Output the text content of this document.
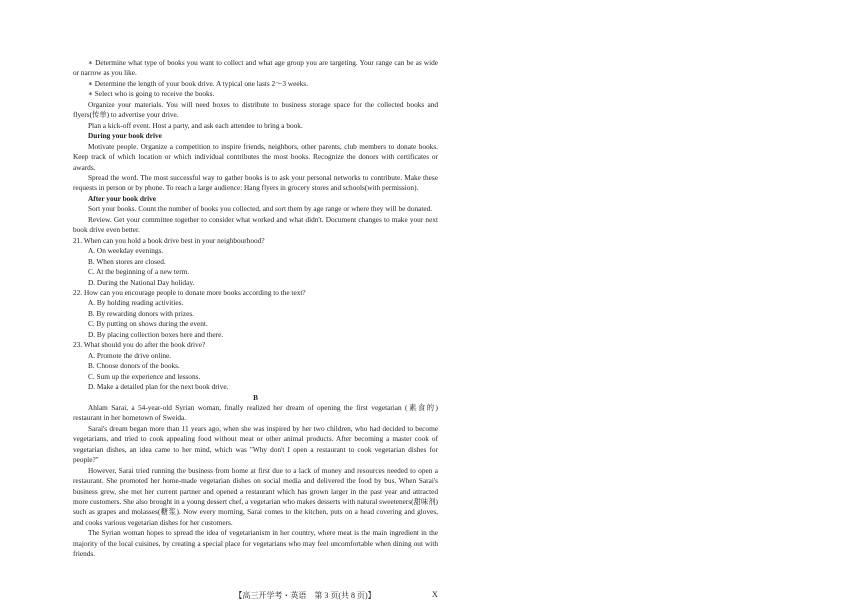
∗ Determine what type of books you want to collect and what age group you are targeting. Your range can be as wide or narrow as you like.

∗ Determine the length of your book drive. A typical one lasts 2～3 weeks.

∗ Select who is going to receive the books.

Organize your materials. You will need boxes to distribute to business storage space for the collected books and flyers(传单) to advertise your drive.

Plan a kick-off event. Host a party, and ask each attendee to bring a book.

During your book drive

Motivate people. Organize a competition to inspire friends, neighbors, other parents, club members to donate books. Keep track of which location or which individual contributes the most books. Recognize the donors with certificates or awards.

Spread the word. The most successful way to gather books is to ask your personal networks to contribute. Make these requests in person or by phone. To reach a large audience: Hang flyers in grocery stores and schools(with permission).

After your book drive

Sort your books. Count the number of books you collected, and sort them by age range or where they will be donated.

Review. Get your committee together to consider what worked and what didn't. Document changes to make your next book drive even better.

21. When can you hold a book drive best in your neighbourhood?

A. On weekday evenings.

B. When stores are closed.

C. At the beginning of a new term.

D. During the National Day holiday.

22. How can you encourage people to donate more books according to the text?

A. By holding reading activities.

B. By rewarding donors with prizes.

C. By putting on shows during the event.

D. By placing collection boxes here and there.

23. What should you do after the book drive?

A. Promote the drive online.

B. Choose donors of the books.

C. Sum up the experience and lessons.

D. Make a detailed plan for the next book drive.

B

Ahlam Sarai, a 54-year-old Syrian woman, finally realized her dream of opening the first vegetarian (素食的) restaurant in her hometown of Sweida.

Sarai's dream began more than 11 years ago, when she was inspired by her two children, who had decided to become vegetarians, and tried to cook appealing food without meat or other animal products. After becoming a master cook of vegetarian dishes, an idea came to her mind, which was "Why don't I open a restaurant to cook vegetarian dishes for people?"

However, Sarai tried running the business from home at first due to a lack of money and resources needed to open a restaurant. She promoted her home-made vegetarian dishes on social media and delivered the food by bus. When Sarai's business grew, she met her current partner and opened a restaurant which has grown larger in the past year and attracted more customers. She also brought in a young dessert chef, a vegetarian who makes desserts with natural sweeteners(甜味剂) such as grapes and molasses(糖浆). Now every morning, Sarai comes to the kitchen, puts on a head covering and gloves, and cooks various vegetarian dishes for her customers.

The Syrian woman hopes to spread the idea of vegetarianism in her country, where meat is the main ingredient in the majority of the local cuisines, by creating a special place for vegetarians who may feel uncomfortable when dining out with friends.

【高三开学考・英语　第 3 页(共 8 页)】	X
